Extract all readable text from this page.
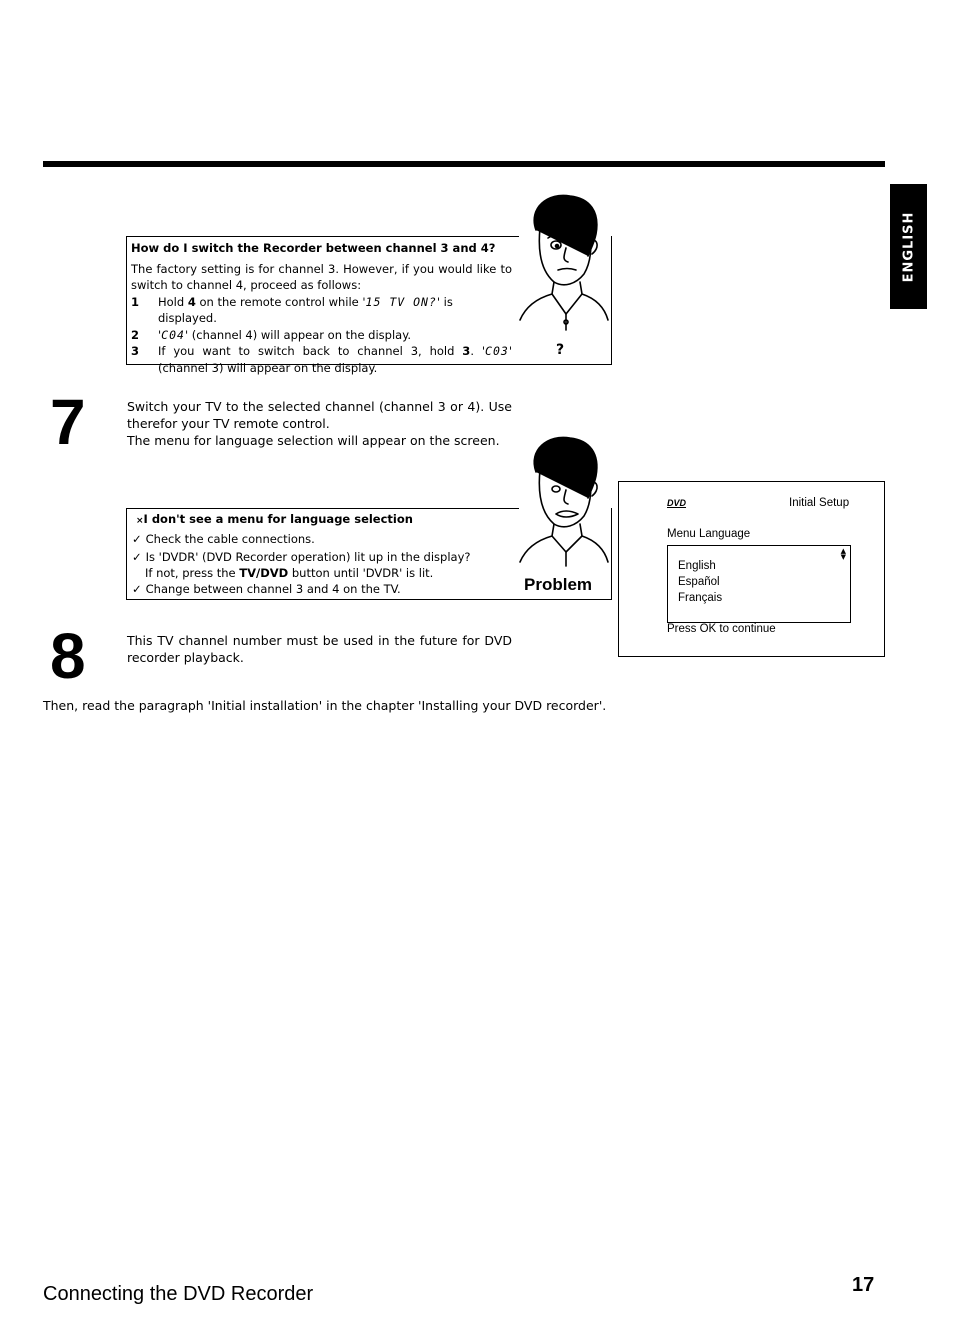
ENGLISH
?
How do I switch the Recorder between channel 3 and 4?
The factory setting is for channel 3. However, if you would like to switch to channel 4, proceed as follows:
1 Hold 4 on the remote control while '15 TV ON?' is displayed.
2 'C04' (channel 4) will appear on the display.
3 If you want to switch back to channel 3, hold 3. 'C03' (channel 3) will appear on the display.
7	Switch your TV to the selected channel (channel 3 or 4). Use therefor your TV remote control.
The menu for language selection will appear on the screen.
×I don't see a menu for language selection
✓ Check the cable connections.
✓ Is 'DVDR' (DVD Recorder operation) lit up in the display?
If not, press the TV/DVD button until 'DVDR' is lit.
✓ Change between channel 3 and 4 on the TV.	Problem
DVD	Initial Setup
Menu Language
▲
▼
English
Español
Français
Press OK to continue
8	This TV channel number must be used in the future for DVD recorder playback.
Then, read the paragraph 'Initial installation' in the chapter 'Installing your DVD recorder'.
Connecting the DVD Recorder	17
